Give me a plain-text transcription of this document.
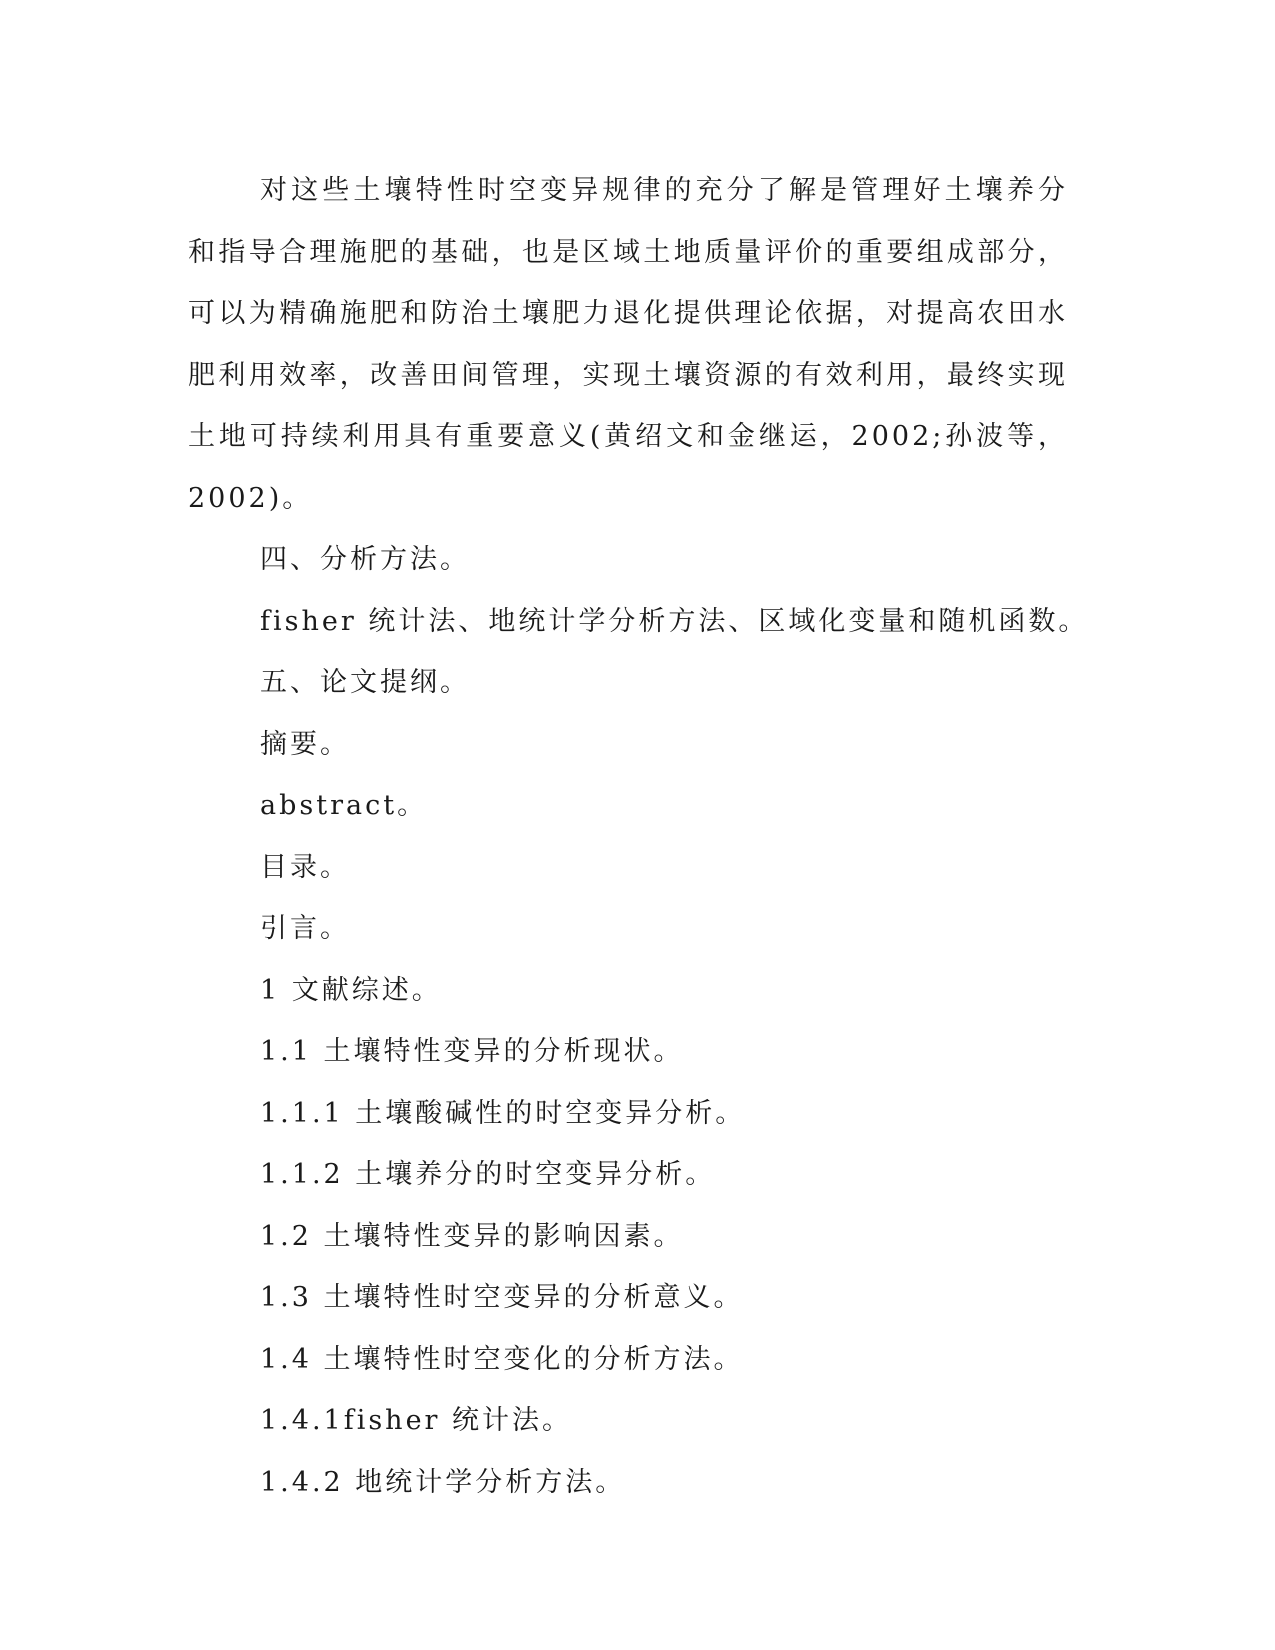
对这些土壤特性时空变异规律的充分了解是管理好土壤养分和指导合理施肥的基础，也是区域土地质量评价的重要组成部分，可以为精确施肥和防治土壤肥力退化提供理论依据，对提高农田水肥利用效率，改善田间管理，实现土壤资源的有效利用，最终实现土地可持续利用具有重要意义(黄绍文和金继运，2002;孙波等，2002)。

四、分析方法。

fisher 统计法、地统计学分析方法、区域化变量和随机函数。

五、论文提纲。

摘要。

abstract。

目录。

引言。

1 文献综述。

1.1 土壤特性变异的分析现状。

1.1.1 土壤酸碱性的时空变异分析。

1.1.2 土壤养分的时空变异分析。

1.2 土壤特性变异的影响因素。

1.3 土壤特性时空变异的分析意义。

1.4 土壤特性时空变化的分析方法。

1.4.1fisher 统计法。

1.4.2 地统计学分析方法。
